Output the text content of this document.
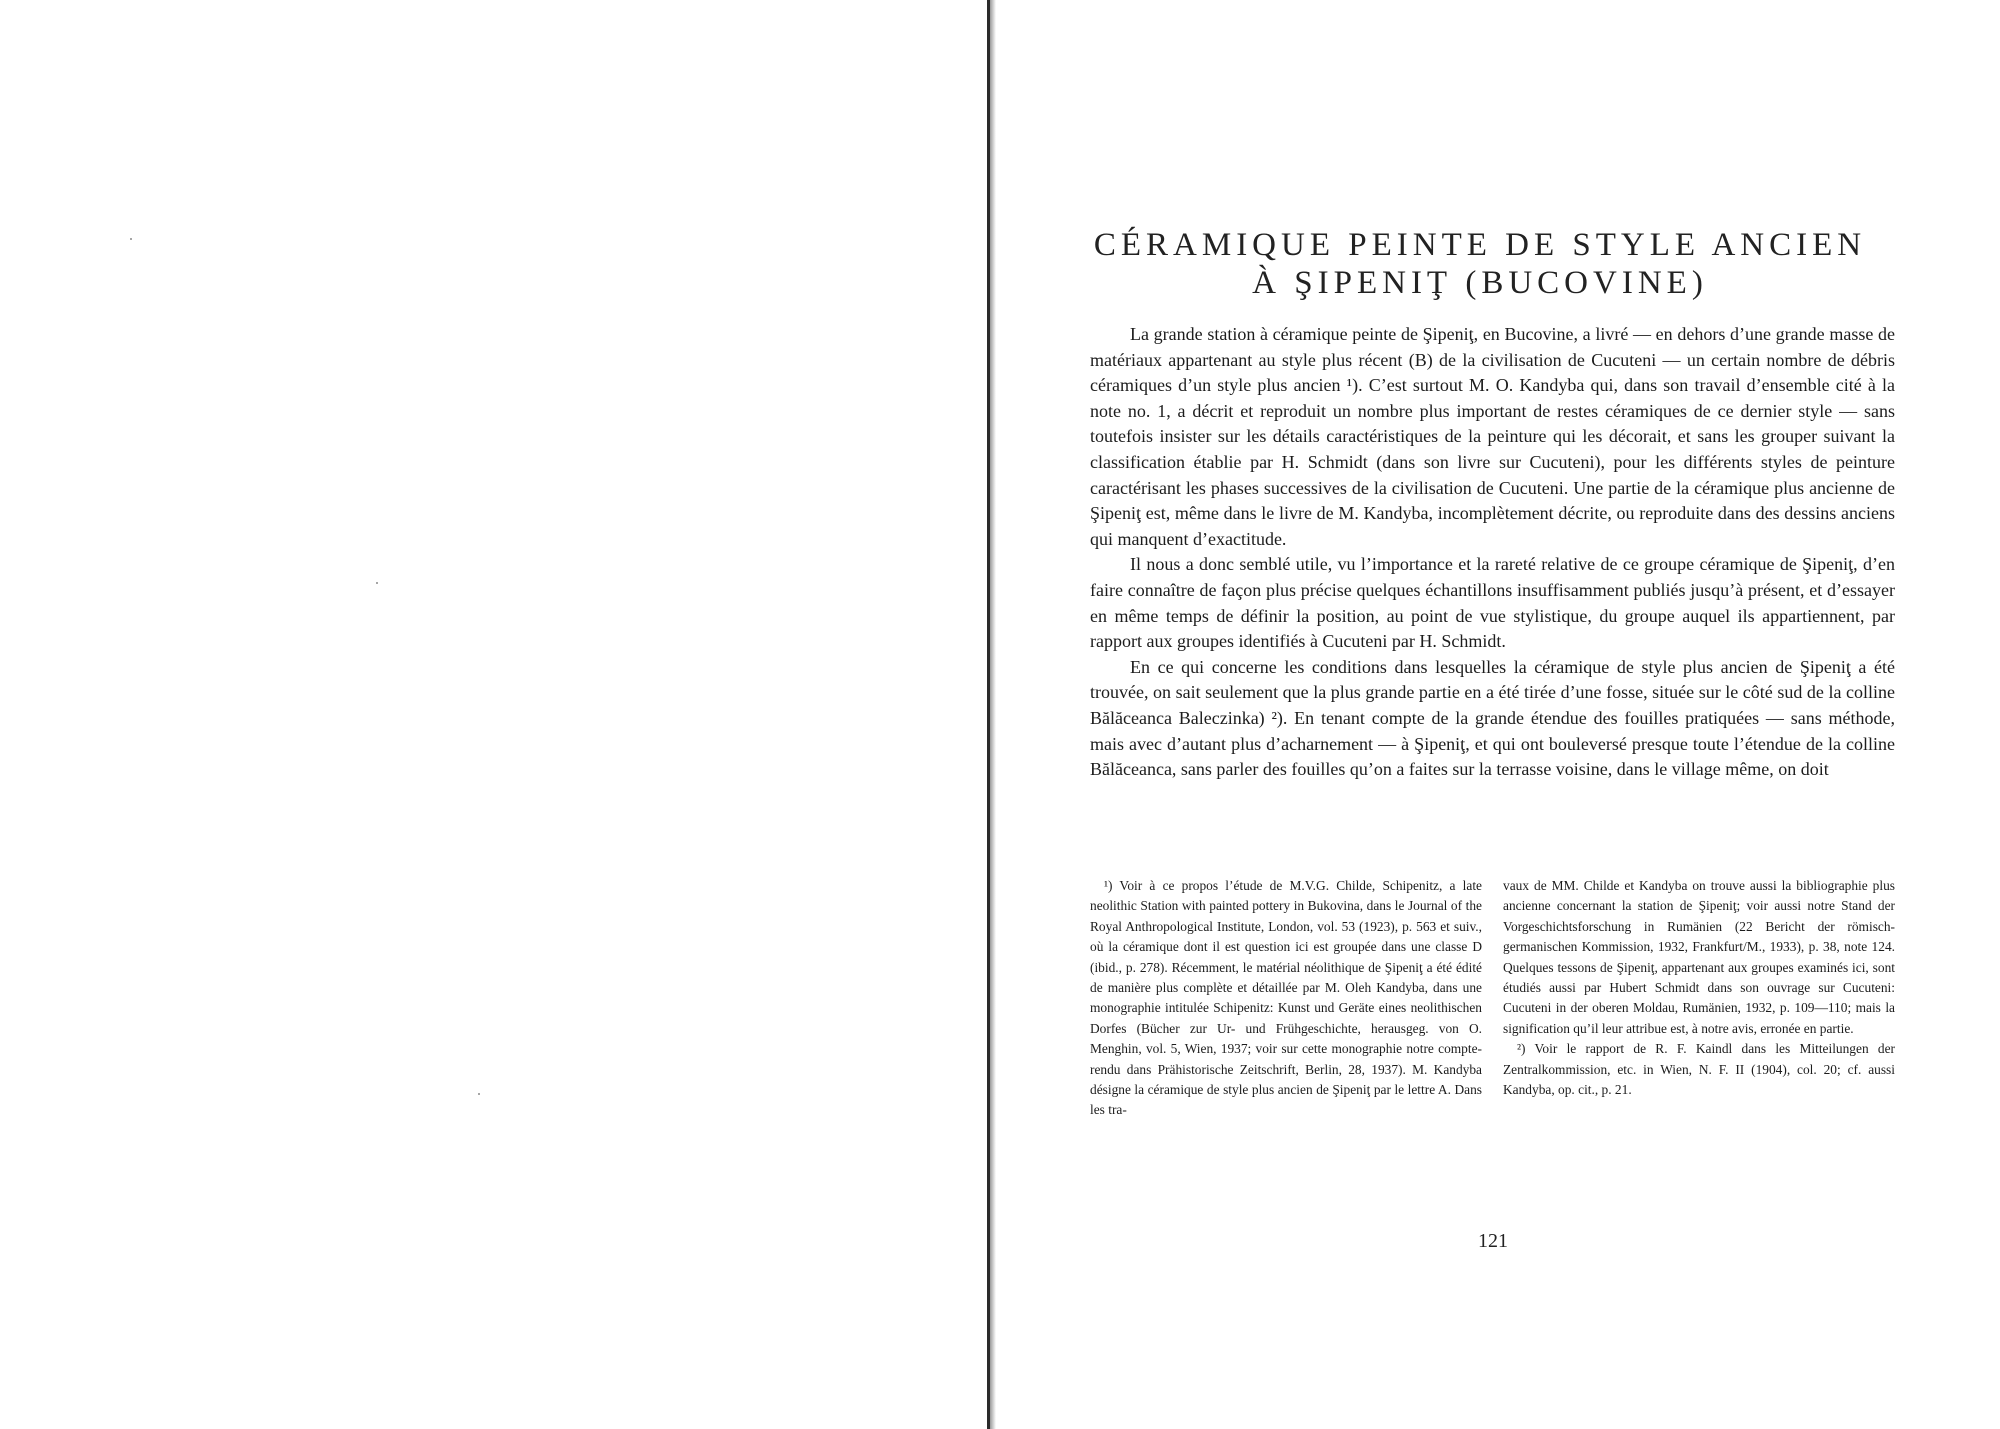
CÉRAMIQUE PEINTE DE STYLE ANCIEN
À ŞIPENIŢ (BUCOVINE)

La grande station à céramique peinte de Şipeniţ, en Bucovine, a livré — en dehors d’une grande masse de matériaux appartenant au style plus récent (B) de la civilisation de Cucuteni — un certain nombre de débris céramiques d’un style plus ancien ¹). C’est surtout M. O. Kandyba qui, dans son travail d’ensemble cité à la note no. 1, a décrit et reproduit un nombre plus important de restes céramiques de ce dernier style — sans toutefois insister sur les détails caractéristiques de la peinture qui les décorait, et sans les grouper suivant la classification établie par H. Schmidt (dans son livre sur Cucuteni), pour les différents styles de peinture caractérisant les phases successives de la civilisation de Cucuteni. Une partie de la céramique plus ancienne de Şipeniţ est, même dans le livre de M. Kandyba, incomplètement décrite, ou reproduite dans des dessins anciens qui manquent d’exactitude.

Il nous a donc semblé utile, vu l’importance et la rareté relative de ce groupe céramique de Şipeniţ, d’en faire connaître de façon plus précise quelques échantillons insuffisamment publiés jusqu’à présent, et d’essayer en même temps de définir la position, au point de vue stylistique, du groupe auquel ils appartiennent, par rapport aux groupes identifiés à Cucuteni par H. Schmidt.

En ce qui concerne les conditions dans lesquelles la céramique de style plus ancien de Şipeniţ a été trouvée, on sait seulement que la plus grande partie en a été tirée d’une fosse, située sur le côté sud de la colline Bălăceanca Baleczinka) ²). En tenant compte de la grande étendue des fouilles pratiquées — sans méthode, mais avec d’autant plus d’acharnement — à Şipeniţ, et qui ont bouleversé presque toute l’étendue de la colline Bălăceanca, sans parler des fouilles qu’on a faites sur la terrasse voisine, dans le village même, on doit

¹) Voir à ce propos l’étude de M.V.G. Childe, Schipenitz, a late neolithic Station with painted pottery in Bukovina, dans le Journal of the Royal Anthropological Institute, London, vol. 53 (1923), p. 563 et suiv., où la céramique dont il est question ici est groupée dans une classe D (ibid., p. 278). Récemment, le matérial néolithique de Şipeniţ a été édité de manière plus complète et détaillée par M. Oleh Kandyba, dans une monographie intitulée Schipenitz: Kunst und Geräte eines neolithischen Dorfes (Bücher zur Ur- und Frühgeschichte, herausgeg. von O. Menghin, vol. 5, Wien, 1937; voir sur cette monographie notre compte-rendu dans Prähistorische Zeitschrift, Berlin, 28, 1937). M. Kandyba désigne la céramique de style plus ancien de Şipeniţ par le lettre A. Dans les tra-

vaux de MM. Childe et Kandyba on trouve aussi la bibliographie plus ancienne concernant la station de Şipeniţ; voir aussi notre Stand der Vorgeschichtsforschung in Rumänien (22 Bericht der römisch-germanischen Kommission, 1932, Frankfurt/M., 1933), p. 38, note 124. Quelques tessons de Şipeniţ, appartenant aux groupes examinés ici, sont étudiés aussi par Hubert Schmidt dans son ouvrage sur Cucuteni: Cucuteni in der oberen Moldau, Rumänien, 1932, p. 109—110; mais la signification qu’il leur attribue est, à notre avis, erronée en partie.

²) Voir le rapport de R. F. Kaindl dans les Mitteilungen der Zentralkommission, etc. in Wien, N. F. II (1904), col. 20; cf. aussi Kandyba, op. cit., p. 21.

121
